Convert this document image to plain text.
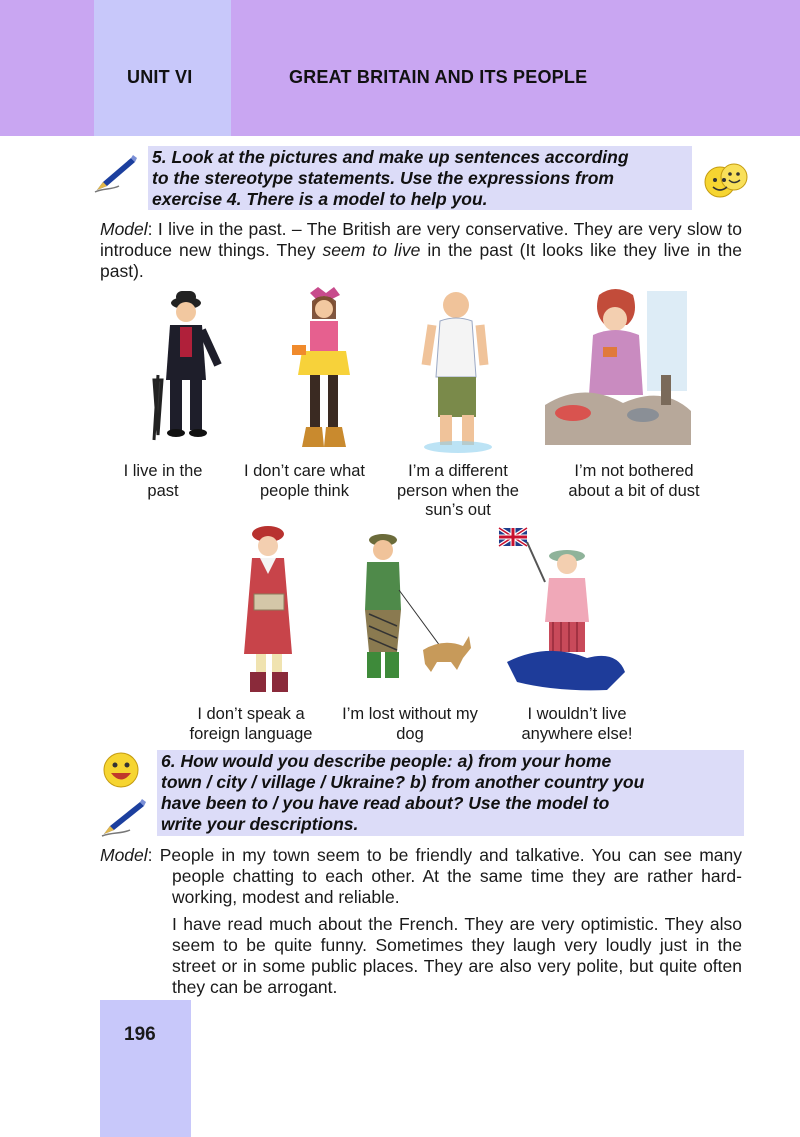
UNIT VI	GREAT BRITAIN AND ITS PEOPLE
5. Look at the pictures and make up sentences according
to the stereotype statements. Use the expressions from
exercise 4. There is a model to help you.
Model: I live in the past. – The British are very conservative. They are very slow to introduce new things. They seem to live in the past (It looks like they live in the past).
I live in the past
I don’t care what people think
I’m a different person when the sun’s out
I’m not bothered about a bit of dust
I don’t speak a foreign language
I’m lost without my dog
I wouldn’t live anywhere else!
6. How would you describe people: a) from your home
town / city / village / Ukraine? b) from another country you
have been to / you have read about? Use the model to
write your descriptions.
Model: People in my town seem to be friendly and talkative. You can see many people chatting to each other. At the same time they are rather hard-working, modest and reliable.
I have read much about the French. They are very optimistic. They also seem to be quite funny. Sometimes they laugh very loudly just in the street or in some public places. They are also very polite, but quite often they can be arrogant.
196
